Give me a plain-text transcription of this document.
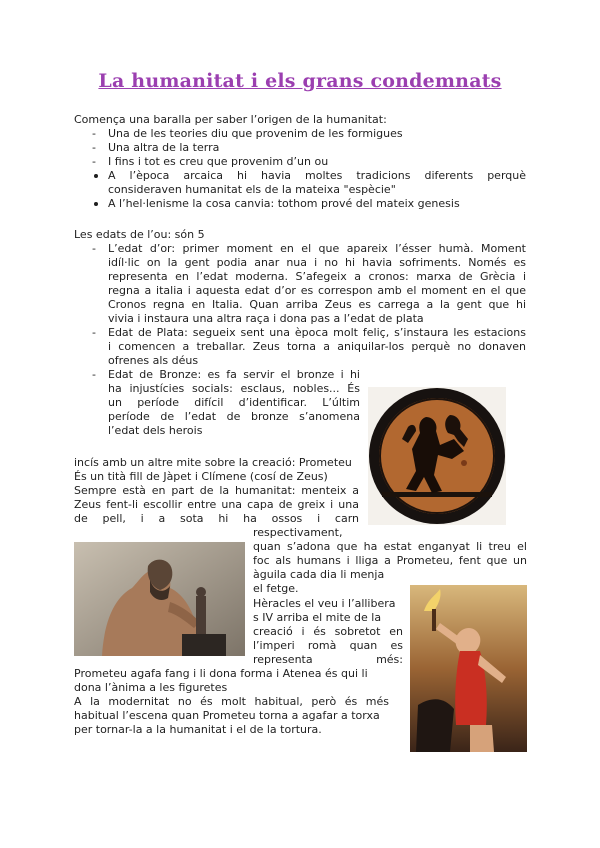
La humanitat i els grans condemnats

Comença una baralla per saber l’origen de la humanitat:

- Una de les teories diu que provenim de les formigues

- Una altra de la terra

- I fins i tot es creu que provenim d’un ou

A l’època arcaica hi havia moltes tradicions diferents perquè

consideraven humanitat els de la mateixa "espècie"

A l’hel·lenisme la cosa canvia: tothom prové del mateix genesis

Les edats de l’ou: són 5

- L’edat d’or: primer moment en el que apareix l’ésser humà. Moment

idíl·lic on la gent podia anar nua i no hi havia sofriments. Només es

representa en l’edat moderna. S’afegeix a cronos: marxa de Grècia i

regna a italia i aquesta edat d’or es correspon amb el moment en el que

Cronos regna en Italia. Quan arriba Zeus es carrega a la gent que hi

vivia i instaura una altra raça i dona pas a l’edat de plata

- Edat de Plata: segueix sent una època molt feliç, s’instaura les estacions

i comencen a treballar. Zeus torna a aniquilar-los perquè no donaven

ofrenes als déus

- Edat de Bronze: es fa servir el bronze i hi

ha injustícies socials: esclaus, nobles... És

un període difícil d’identificar. L’últim

període de l’edat de bronze s’anomena

l’edat dels herois

incís amb un altre mite sobre la creació: Prometeu

És un tità fill de Jàpet i Clímene (cosí de Zeus)

Sempre està en part de la humanitat: menteix a

Zeus fent-li escollir entre una capa de greix i una

de pell, i a sota hi ha ossos i carn

respectivament,

quan s’adona que ha estat enganyat li treu el

foc als humans i lliga a Prometeu, fent que un

àguila cada dia li menja

el fetge.

Hèracles el veu i l’allibera

s IV arriba el mite de la

creació i és sobretot en

l’imperi romà quan es

representa més:

Prometeu agafa fang i li dona forma i Atenea és qui li

dona l’ànima a les figuretes

A la modernitat no és molt habitual, però és més

habitual l’escena quan Prometeu torna a agafar a torxa

per tornar-la a la humanitat i el de la tortura.
